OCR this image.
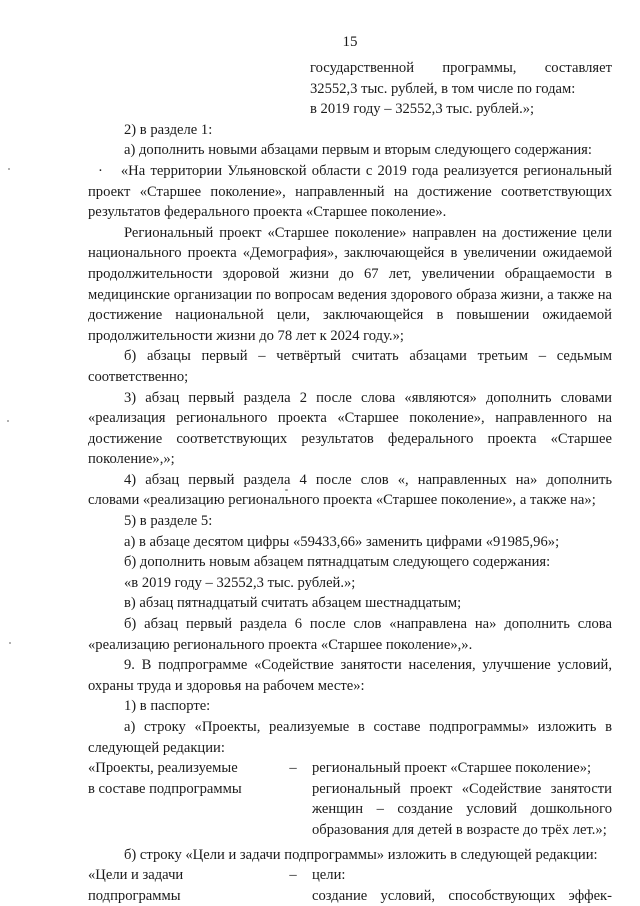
15
государственной программы, составляет
32552,3 тыс. рублей, в том числе по годам:
в 2019 году – 32552,3 тыс. рублей.»;

2) в разделе 1:

а) дополнить новыми абзацами первым и вторым следующего содержания:

· «На территории Ульяновской области с 2019 года реализуется региональный проект «Старшее поколение», направленный на достижение соответствующих результатов федерального проекта «Старшее поколение».

Региональный проект «Старшее поколение» направлен на достижение цели национального проекта «Демография», заключающейся в увеличении ожидаемой продолжительности здоровой жизни до 67 лет, увеличении обращаемости в медицинские организации по вопросам ведения здорового образа жизни, а также на достижение национальной цели, заключающейся в повышении ожидаемой продолжительности жизни до 78 лет к 2024 году.»;

б) абзацы первый – четвёртый считать абзацами третьим – седьмым соответственно;

3) абзац первый раздела 2 после слова «являются» дополнить словами «реализация регионального проекта «Старшее поколение», направленного на достижение соответствующих результатов федерального проекта «Старшее поколение»,»;

4) абзац первый раздела 4 после слов «, направленных на» дополнить словами «реализацию регионального проекта «Старшее поколение», а также на»;

5) в разделе 5:

а) в абзаце десятом цифры «59433,66» заменить цифрами «91985,96»;

б) дополнить новым абзацем пятнадцатым следующего содержания:

«в 2019 году – 32552,3 тыс. рублей.»;

в) абзац пятнадцатый считать абзацем шестнадцатым;

б) абзац первый раздела 6 после слов «направлена на» дополнить слова «реализацию регионального проекта «Старшее поколение»,».

9. В подпрограмме «Содействие занятости населения, улучшение условий, охраны труда и здоровья на рабочем месте»:

1) в паспорте:

а) строку «Проекты, реализуемые в составе подпрограммы» изложить в следующей редакции:

«Проекты, реализуемые
в составе подпрограммы
–	региональный проект «Старшее поколение»;
региональный проект «Содействие занятости женщин – создание условий дошкольного образования для детей в возрасте до трёх лет.»;

б) строку «Цели и задачи подпрограммы» изложить в следующей редакции:

«Цели и задачи
подпрограммы
–	цели:
создание условий, способствующих эффек-
